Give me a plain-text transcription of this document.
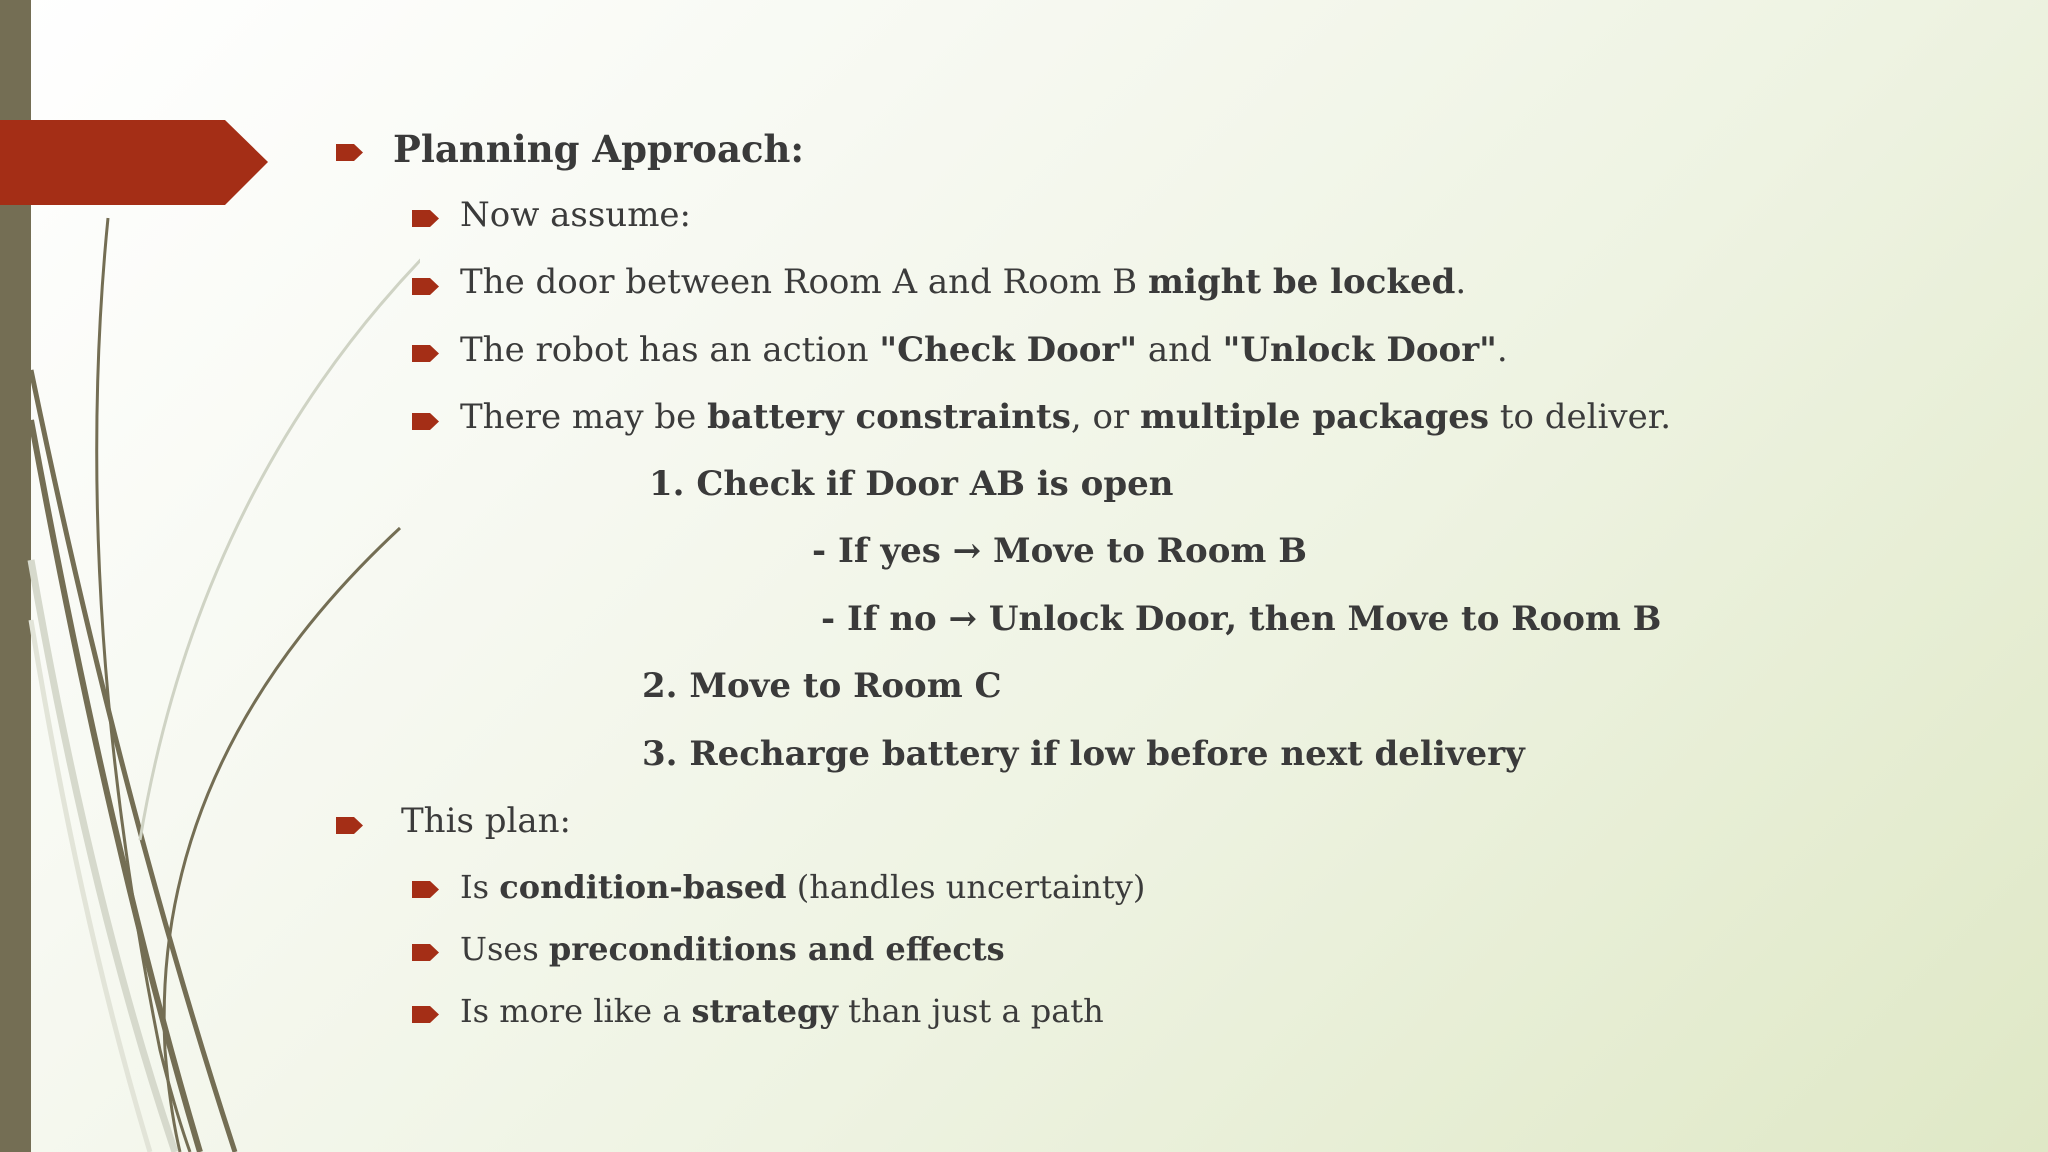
Planning Approach:
Now assume:
The door between Room A and Room B might be locked.
The robot has an action "Check Door" and "Unlock Door".
There may be battery constraints, or multiple packages to deliver.
1. Check if Door AB is open
- If yes → Move to Room B
- If no → Unlock Door, then Move to Room B
2. Move to Room C
3. Recharge battery if low before next delivery
This plan:
Is condition-based (handles uncertainty)
Uses preconditions and effects
Is more like a strategy than just a path
